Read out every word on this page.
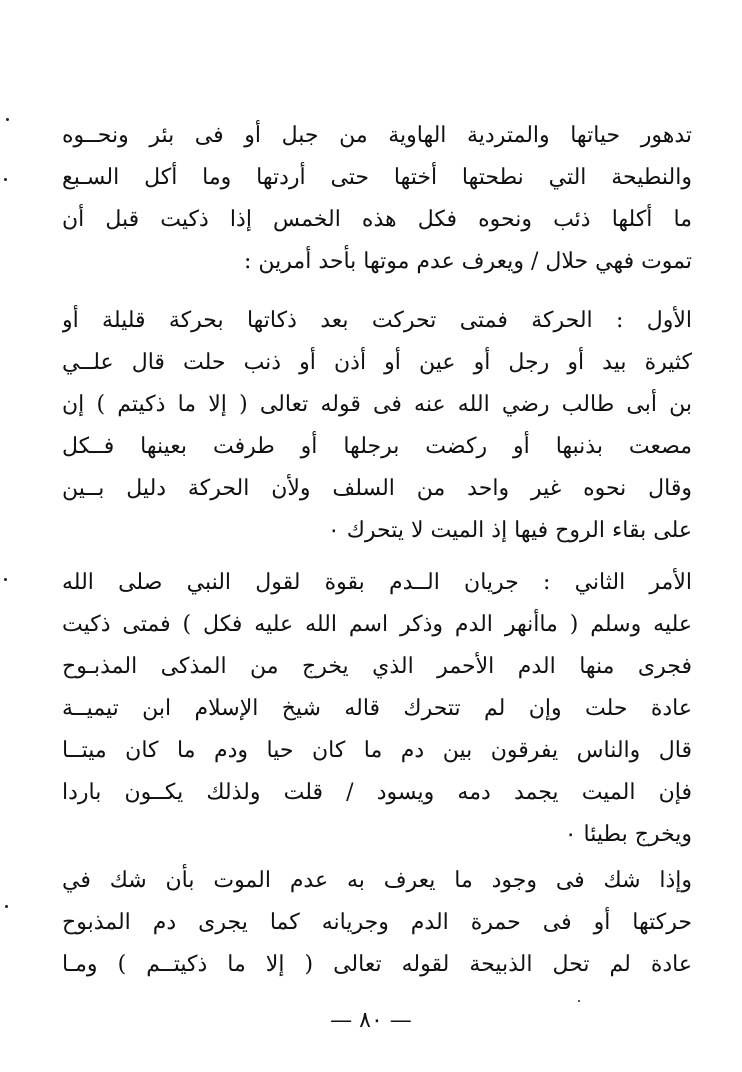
تدهور حياتها والمتردية الهاوية من جبل أو فى بئر ونحــوه
والنطيحة التي نطحتها أختها حتى أردتها وما أكل السـبع
ما أكلها ذئب ونحوه فكل هذه الخمس إذا ذكيت قبل أن
تموت فهي حلال / ويعرف عدم موتها بأحد أمرين :
الأول : الحركة فمتى تحركت بعد ذكاتها بحركة قليلة أو
كثيرة بيد أو رجل أو عين أو أذن أو ذنب حلت قال علــي
بن أبى طالب رضي الله عنه فى قوله تعالى ( إلا ما ذكيتم ) إن
مصعت بذنبها أو ركضت برجلها أو طرفت بعينها فــكل
وقال نحوه غير واحد من السلف ولأن الحركة دليل بــين
على بقاء الروح فيها إذ الميت لا يتحرك ٠
الأمر الثاني : جريان الــدم بقوة لقول النبي صلى الله
عليه وسلم ( ماأنهر الدم وذكر اسم الله عليه فكل ) فمتى ذكيت
فجرى منها الدم الأحمر الذي يخرج من المذكى المذبـوح
عادة حلت وإن لم تتحرك قاله شيخ الإسلام ابن تيميــة
قال والناس يفرقون بين دم ما كان حيا ودم ما كان ميتــا
فإن الميت يجمد دمه ويسود / قلت ولذلك يكــون باردا
ويخرج بطيئا ٠
وإذا شك فى وجود ما يعرف به عدم الموت بأن شك في
حركتها أو فى حمرة الدم وجريانه كما يجرى دم المذبوح
عادة لم تحل الذبيحة لقوله تعالى ( إلا ما ذكيتــم ) ومـا
— ٨٠ —
